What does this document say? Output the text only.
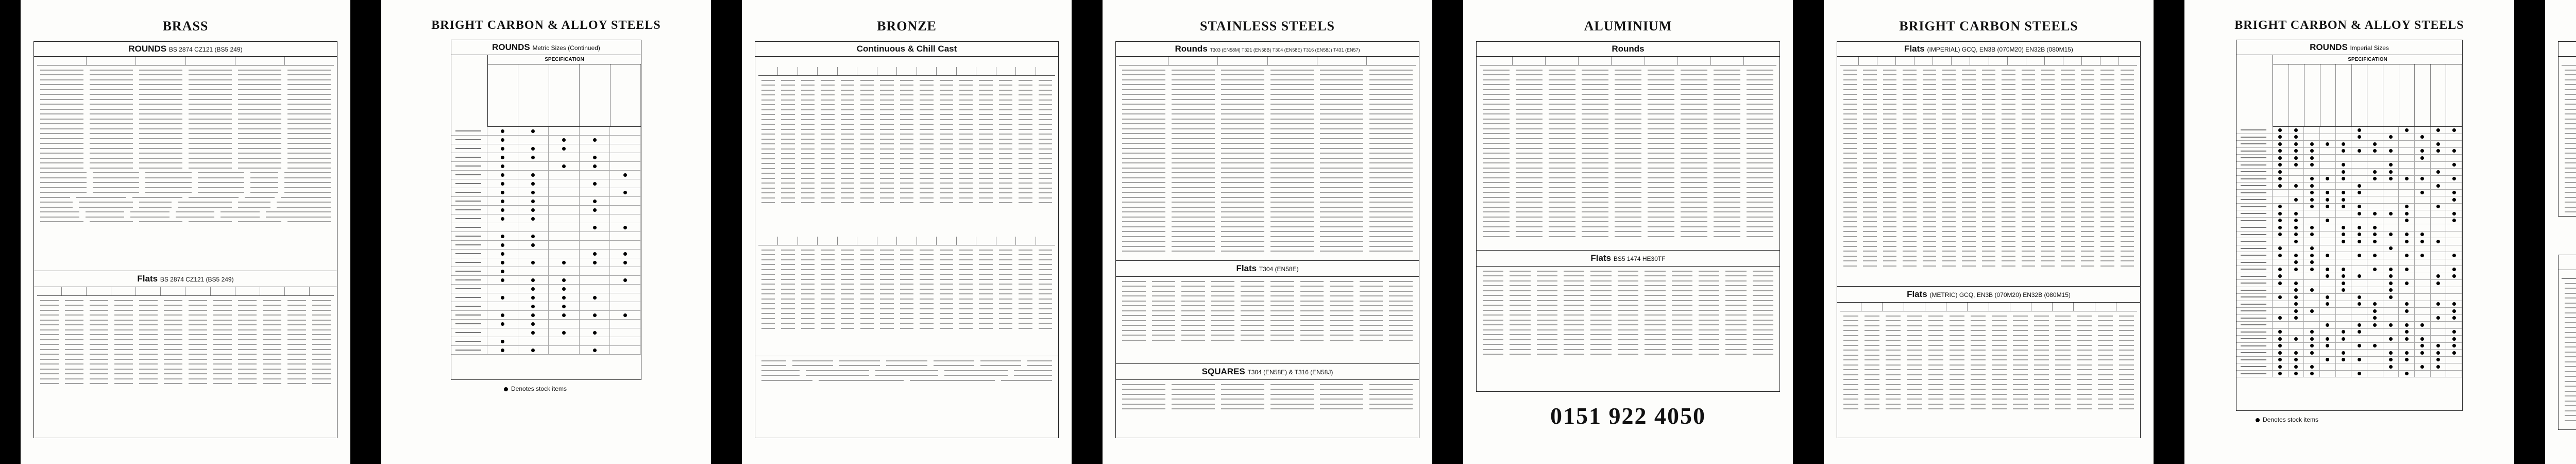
BRASS
ROUNDS BS 2874 CZ121 (BS5 249)
Flats BS 2874 CZ121 (BS5 249)
BRIGHT CARBON & ALLOY STEELS
ROUNDS Metric Sizes (Continued)
SPECIFICATION
Denotes stock items
BRONZE
Continuous & Chill Cast
STAINLESS STEELS
Rounds T303 (EN58M) T321 (EN58B) T304 (EN58E) T316 (EN58J) T431 (EN57)
Flats T304 (EN58E)
SQUARES T304 (EN58E) & T316 (EN58J)
ALUMINIUM
Rounds
Flats BS5 1474 HE30TF
0151 922 4050
BRIGHT CARBON STEELS
Flats (IMPERIAL) GCQ, EN3B (070M20) EN32B (080M15)
Flats (METRIC) GCQ, EN3B (070M20) EN32B (080M15)
BRIGHT CARBON & ALLOY STEELS
ROUNDS Imperial Sizes
SPECIFICATION
Denotes stock items
